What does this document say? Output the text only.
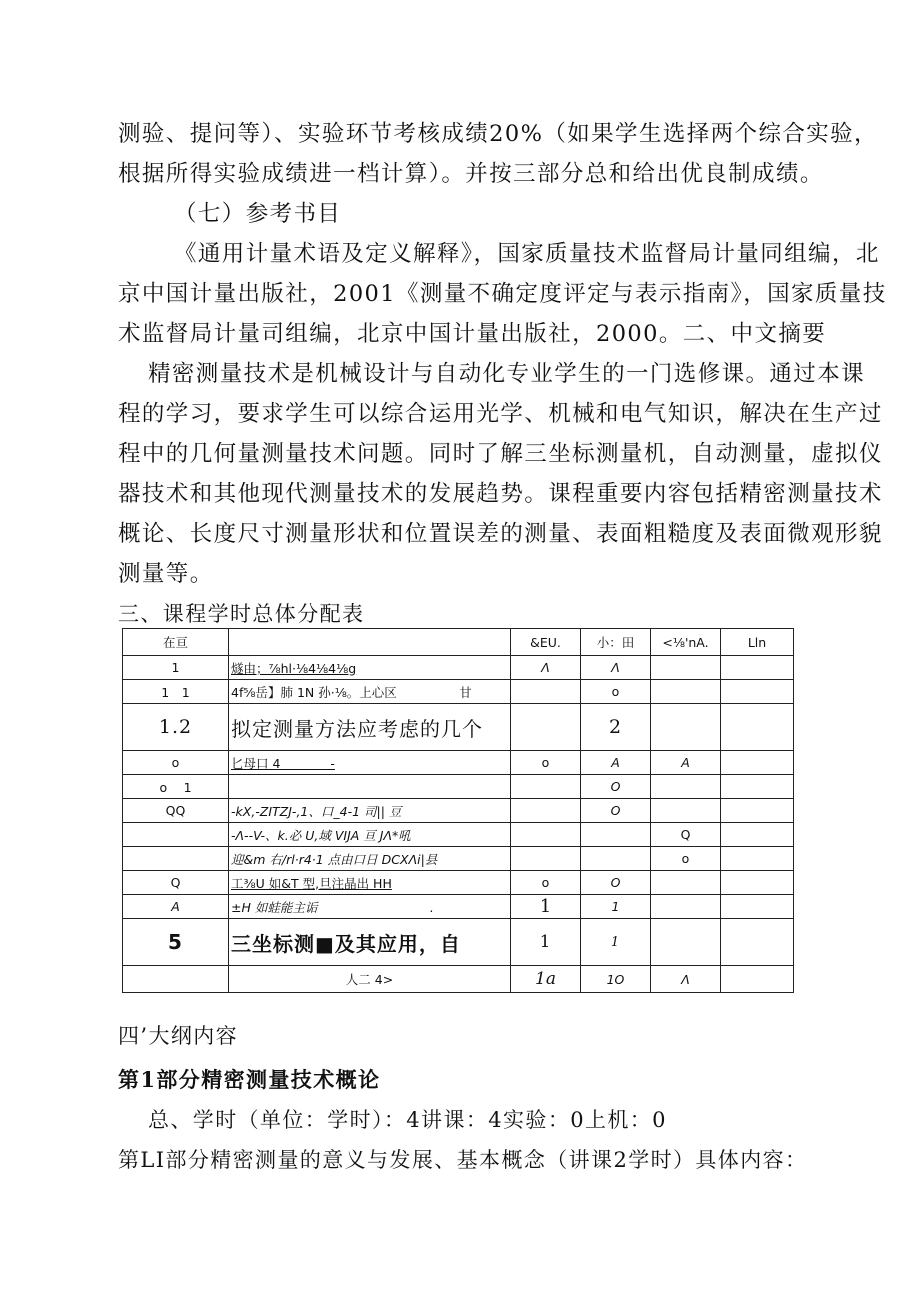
测验、提问等）、实验环节考核成绩20%（如果学生选择两个综合实验，
根据所得实验成绩进一档计算）。并按三部分总和给出优良制成绩。
（七）参考书目
《通用计量术语及定义解释》，国家质量技术监督局计量同组编，北
京中国计量出版社，2001《测量不确定度评定与表示指南》，国家质量技
术监督局计量司组编，北京中国计量出版社，2000。二、中文摘要
精密测量技术是机械设计与自动化专业学生的一门选修课。通过本课
程的学习，要求学生可以综合运用光学、机械和电气知识，解决在生产过
程中的几何量测量技术问题。同时了解三坐标测量机，自动测量，虚拟仪
器技术和其他现代测量技术的发展趋势。课程重要内容包括精密测量技术
概论、长度尺寸测量形状和位置误差的测量、表面粗糙度及表面微观形貌
测量等。
三、课程学时总体分配表
在亘		&EU.	小：田	<⅛'nA.	Lln
1	燧由；⅞hl·⅛4⅛4⅛g	Λ	Λ		
1　1	4f⅝岳】肺 1N 孙·⅛。上心区　　　　　甘		o		
1.2	拟定测量方法应考虑的几个		2		
o	匕母口 4　　　　-	o	A	A	
o　 1			O		
QQ	-kX,-ZITZJ-,1、口_4-1 司|| 豆		O		
	-Λ--V-、k.必 U,域 VIJA 亘 JΛ*吼			Q	
	迎&m 右/rl·r4·1 点由口日 DCXΛi|县			o	
Q	工⅜U 如&T 型,旦注晶出 HH	o	O		
A	±H 如蛙能主诟　　　　　　　　　.	1	1		
5	三坐标测■及其应用，自	1	1		
	人二 4>	1a	1O	Λ	
四’大纲内容
第1部分精密测量技术概论
总、学时（单位：学时）：4讲课：4实验：0上机：0
第LI部分精密测量的意义与发展、基本概念（讲课2学时）具体内容：
